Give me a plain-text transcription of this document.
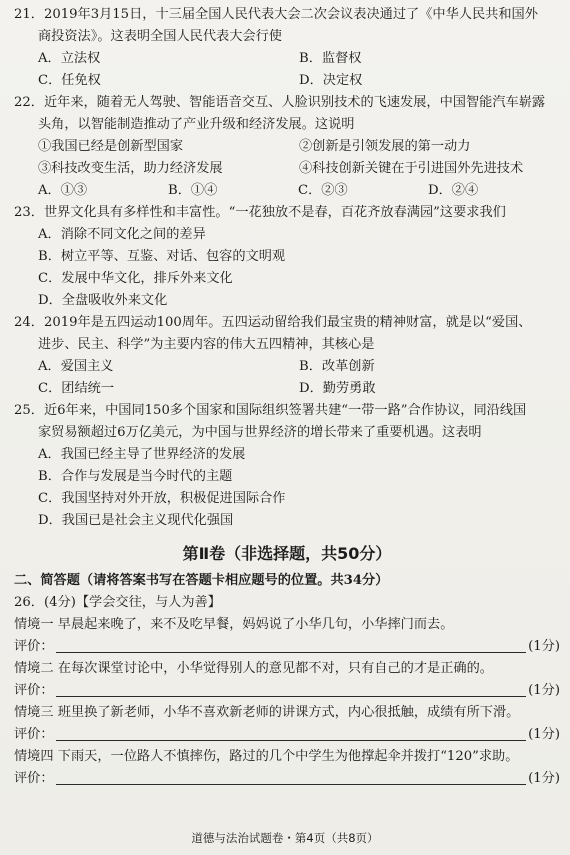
21．2019年3月15日，十三届全国人民代表大会二次会议表决通过了《中华人民共和国外
商投资法》。这表明全国人民代表大会行使
A．立法权	B．监督权
C．任免权	D．决定权
22．近年来，随着无人驾驶、智能语音交互、人脸识别技术的飞速发展，中国智能汽车崭露
头角，以智能制造推动了产业升级和经济发展。这说明
①我国已经是创新型国家	②创新是引领发展的第一动力
③科技改变生活，助力经济发展	④科技创新关键在于引进国外先进技术
A．①③	B．①④	C．②③	D．②④
23．世界文化具有多样性和丰富性。“一花独放不是春，百花齐放春满园”这要求我们
A．消除不同文化之间的差异
B．树立平等、互鉴、对话、包容的文明观
C．发展中华文化，排斥外来文化
D．全盘吸收外来文化
24．2019年是五四运动100周年。五四运动留给我们最宝贵的精神财富，就是以“爱国、
进步、民主、科学”为主要内容的伟大五四精神，其核心是
A．爱国主义	B．改革创新
C．团结统一	D．勤劳勇敢
25．近6年来，中国同150多个国家和国际组织签署共建“一带一路”合作协议，同沿线国
家贸易额超过6万亿美元，为中国与世界经济的增长带来了重要机遇。这表明
A．我国已经主导了世界经济的发展
B．合作与发展是当今时代的主题
C．我国坚持对外开放，积极促进国际合作
D．我国已是社会主义现代化强国
第Ⅱ卷（非选择题，共50分）
二、简答题（请将答案书写在答题卡相应题号的位置。共34分）
26．(4分)【学会交往，与人为善】
情境一 早晨起来晚了，来不及吃早餐，妈妈说了小华几句，小华摔门而去。
评价：	(1分)
情境二 在每次课堂讨论中，小华觉得别人的意见都不对，只有自己的才是正确的。
评价：	(1分)
情境三 班里换了新老师，小华不喜欢新老师的讲课方式，内心很抵触，成绩有所下滑。
评价：	(1分)
情境四 下雨天，一位路人不慎摔伤，路过的几个中学生为他撑起伞并拨打“120”求助。
评价：	(1分)
道德与法治试题卷・第4页（共8页）
